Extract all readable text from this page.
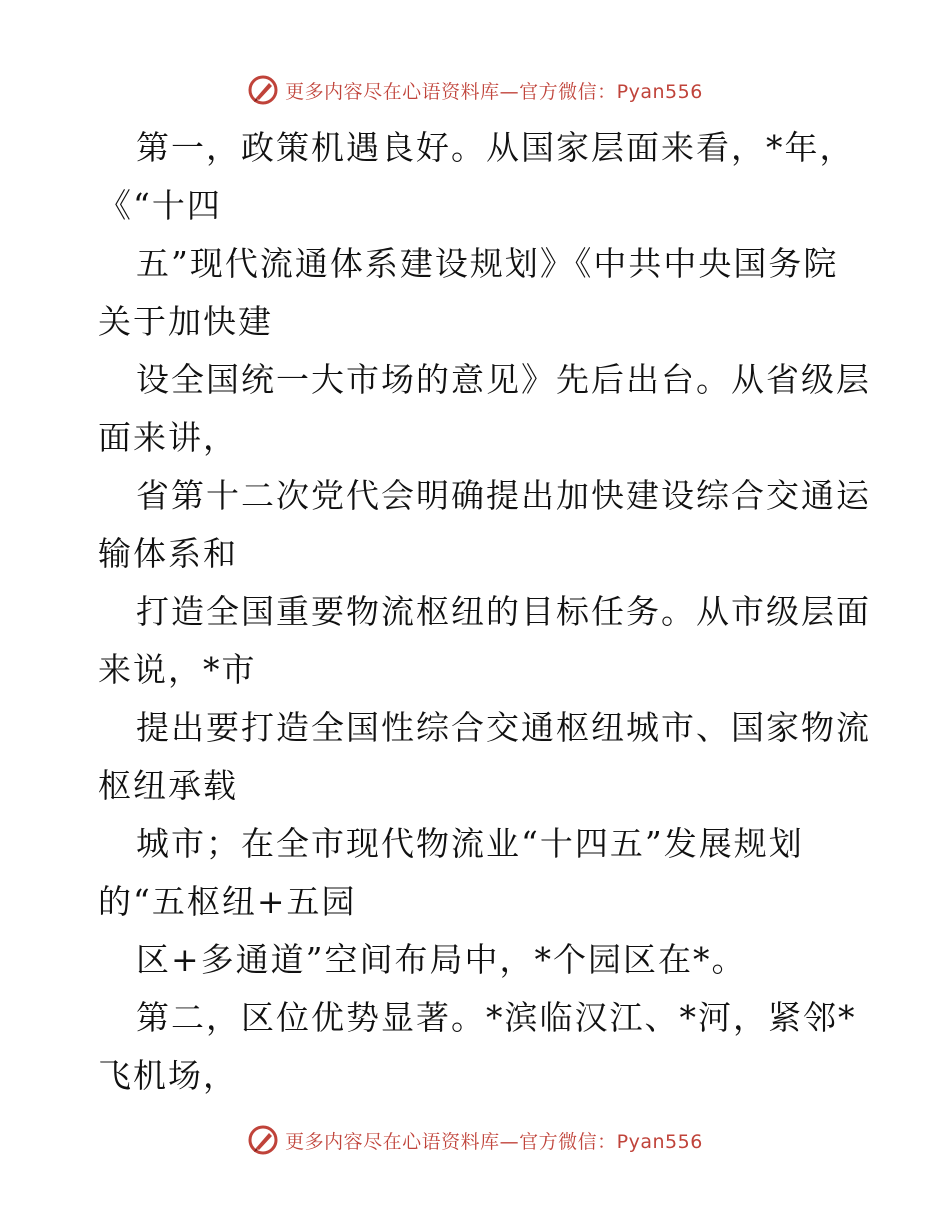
更多内容尽在心语资料库—官方微信：Pyan556
第一，政策机遇良好。从国家层面来看，*年，
《“十四
五”现代流通体系建设规划》《中共中央国务院
关于加快建
设全国统一大市场的意见》先后出台。从省级层
面来讲，
省第十二次党代会明确提出加快建设综合交通运
输体系和
打造全国重要物流枢纽的目标任务。从市级层面
来说，*市
提出要打造全国性综合交通枢纽城市、国家物流
枢纽承载
城市；在全市现代物流业“十四五”发展规划
的“五枢纽+五园
区+多通道”空间布局中，*个园区在*。
第二，区位优势显著。*滨临汉江、*河，紧邻*
飞机场，
更多内容尽在心语资料库—官方微信：Pyan556
